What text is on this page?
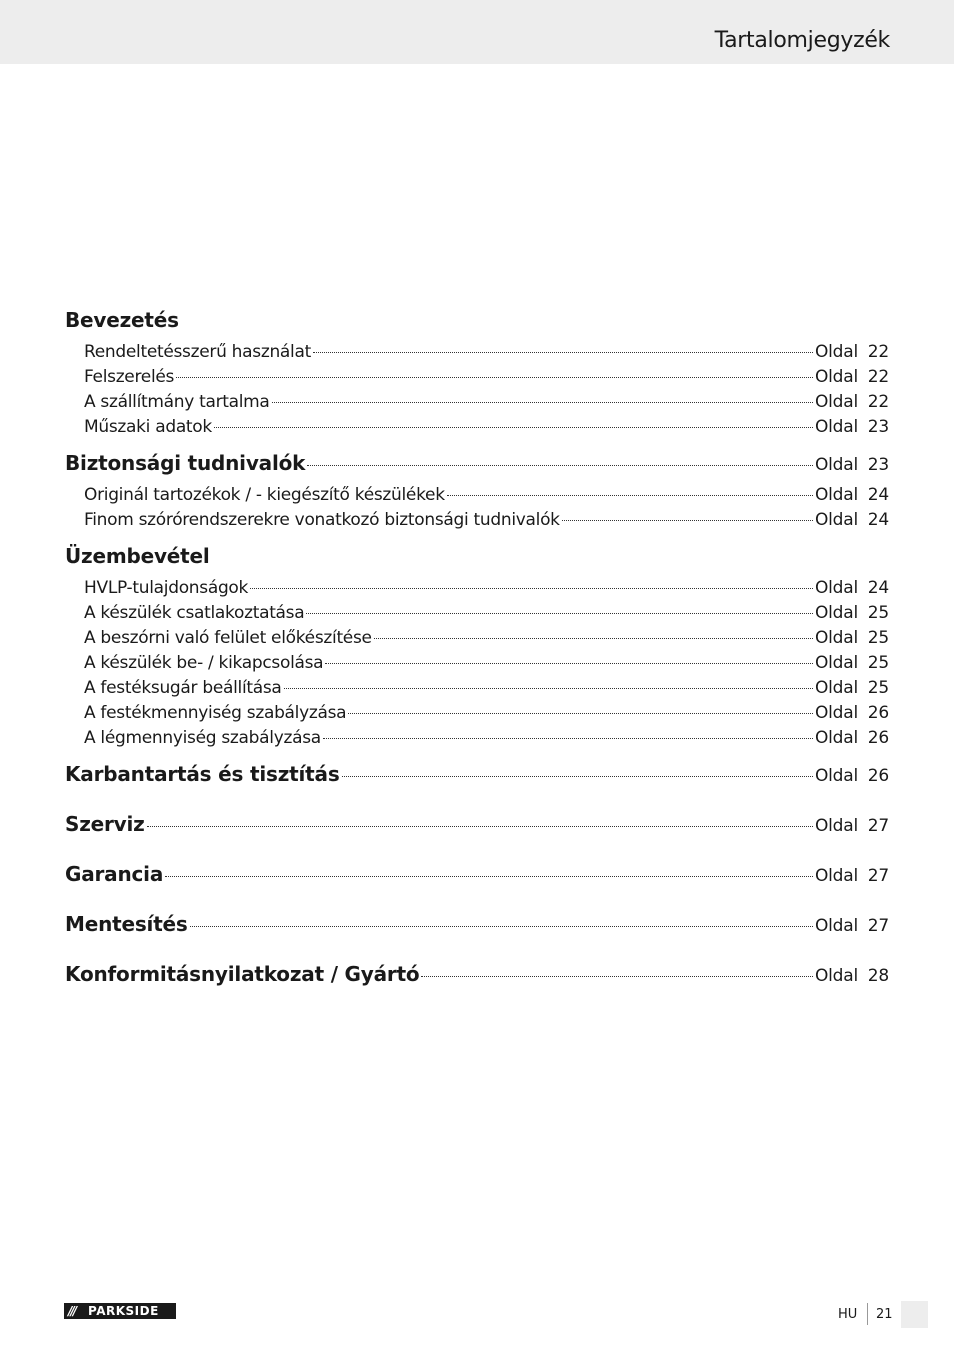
Tartalomjegyzék
Bevezetés
Rendeltetésszerű használat	Oldal 22
Felszerelés	Oldal 22
A szállítmány tartalma	Oldal 22
Műszaki adatok	Oldal 23
Biztonsági tudnivalók	Oldal 23
Originál tartozékok / - kiegészítő készülékek	Oldal 24
Finom szórórendszerekre vonatkozó biztonsági tudnivalók	Oldal 24
Üzembevétel
HVLP-tulajdonságok	Oldal 24
A készülék csatlakoztatása	Oldal 25
A beszórni való felület előkészítése	Oldal 25
A készülék be- / kikapcsolása	Oldal 25
A festéksugár beállítása	Oldal 25
A festékmennyiség szabályzása	Oldal 26
A légmennyiség szabályzása	Oldal 26
Karbantartás és tisztítás	Oldal 26
Szerviz	Oldal 27
Garancia	Oldal 27
Mentesítés	Oldal 27
Konformitásnyilatkozat / Gyártó	Oldal 28
///	PARKSIDE	HU 21
